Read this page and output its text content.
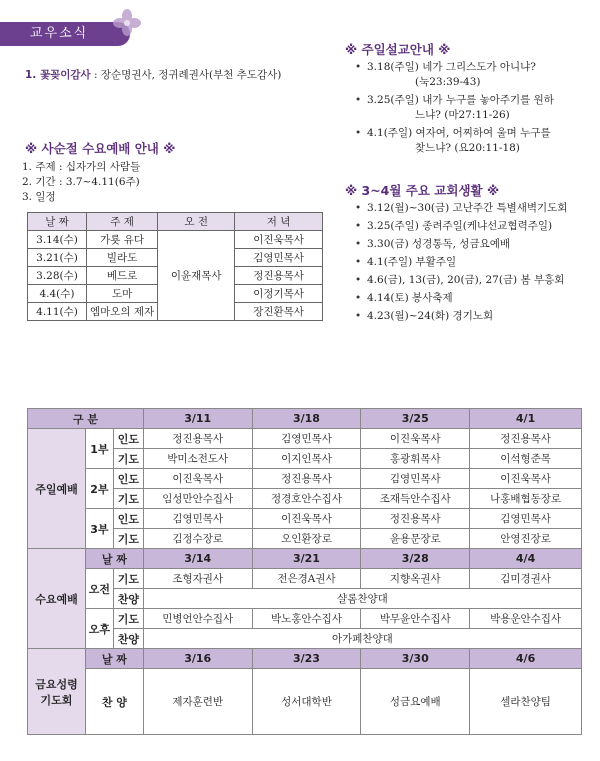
교우소식
1. 꽃꽂이감사 : 장순명권사, 정귀례권사(부천 추도감사)
※ 사순절 수요예배 안내 ※
1. 주제 : 십자가의 사람들
2. 기간 : 3.7~4.11(6주)
3. 일정
날 짜	주 제	오 전	저 녁
3.14(수)	가룟 유다	이윤재목사	이진욱목사
3.21(수)	빌라도		김영민목사
3.28(수)	베드로		정진용목사
4.4(수)	도마		이정기목사
4.11(수)	엠마오의 제자		장진환목사
※ 주일설교안내 ※
• 3.18(주일) 네가 그리스도가 아니냐?
(눅23:39-43)
• 3.25(주일) 내가 누구를 놓아주기를 원하
느냐? (마27:11-26)
• 4.1(주일) 여자여, 어찌하여 울며 누구를
찾느냐? (요20:11-18)
※ 3~4월 주요 교회생활 ※
• 3.12(월)~30(금) 고난주간 특별새벽기도회
• 3.25(주일) 종려주일(케냐선교협력주일)
• 3.30(금) 성경통독, 성금요예배
• 4.1(주일) 부활주일
• 4.6(금), 13(금), 20(금), 27(금) 봄 부흥회
• 4.14(토) 봉사축제
• 4.23(월)~24(화) 경기노회
구 분			3/11	3/18	3/25	4/1
주일예배	1부	인도	정진용목사	김영민목사	이진욱목사	정진용목사
		기도	박미소전도사	이지인목사	홍광휘목사	이석형준목
	2부	인도	이진욱목사	정진용목사	김영민목사	이진욱목사
		기도	임성만안수집사	정경호안수집사	조재득안수집사	나홍배협동장로
	3부	인도	김영민목사	이진욱목사	정진용목사	김영민목사
		기도	김정수장로	오인환장로	윤용문장로	안영진장로
수요예배	날 짜		3/14	3/21	3/28	4/4
	오전	기도	조형자권사	전은경A권사	지향옥권사	김미경권사
		찬양	샬롬찬양대			
	오후	기도	민병언안수집사	박노홍안수집사	박무윤안수집사	박용운안수집사
		찬양	아가페찬양대			

금요성령
기도회	날 짜		3/16	3/23	3/30	4/6
	찬 양		제자훈련반	성서대학반	성금요예배	셀라찬양팀
